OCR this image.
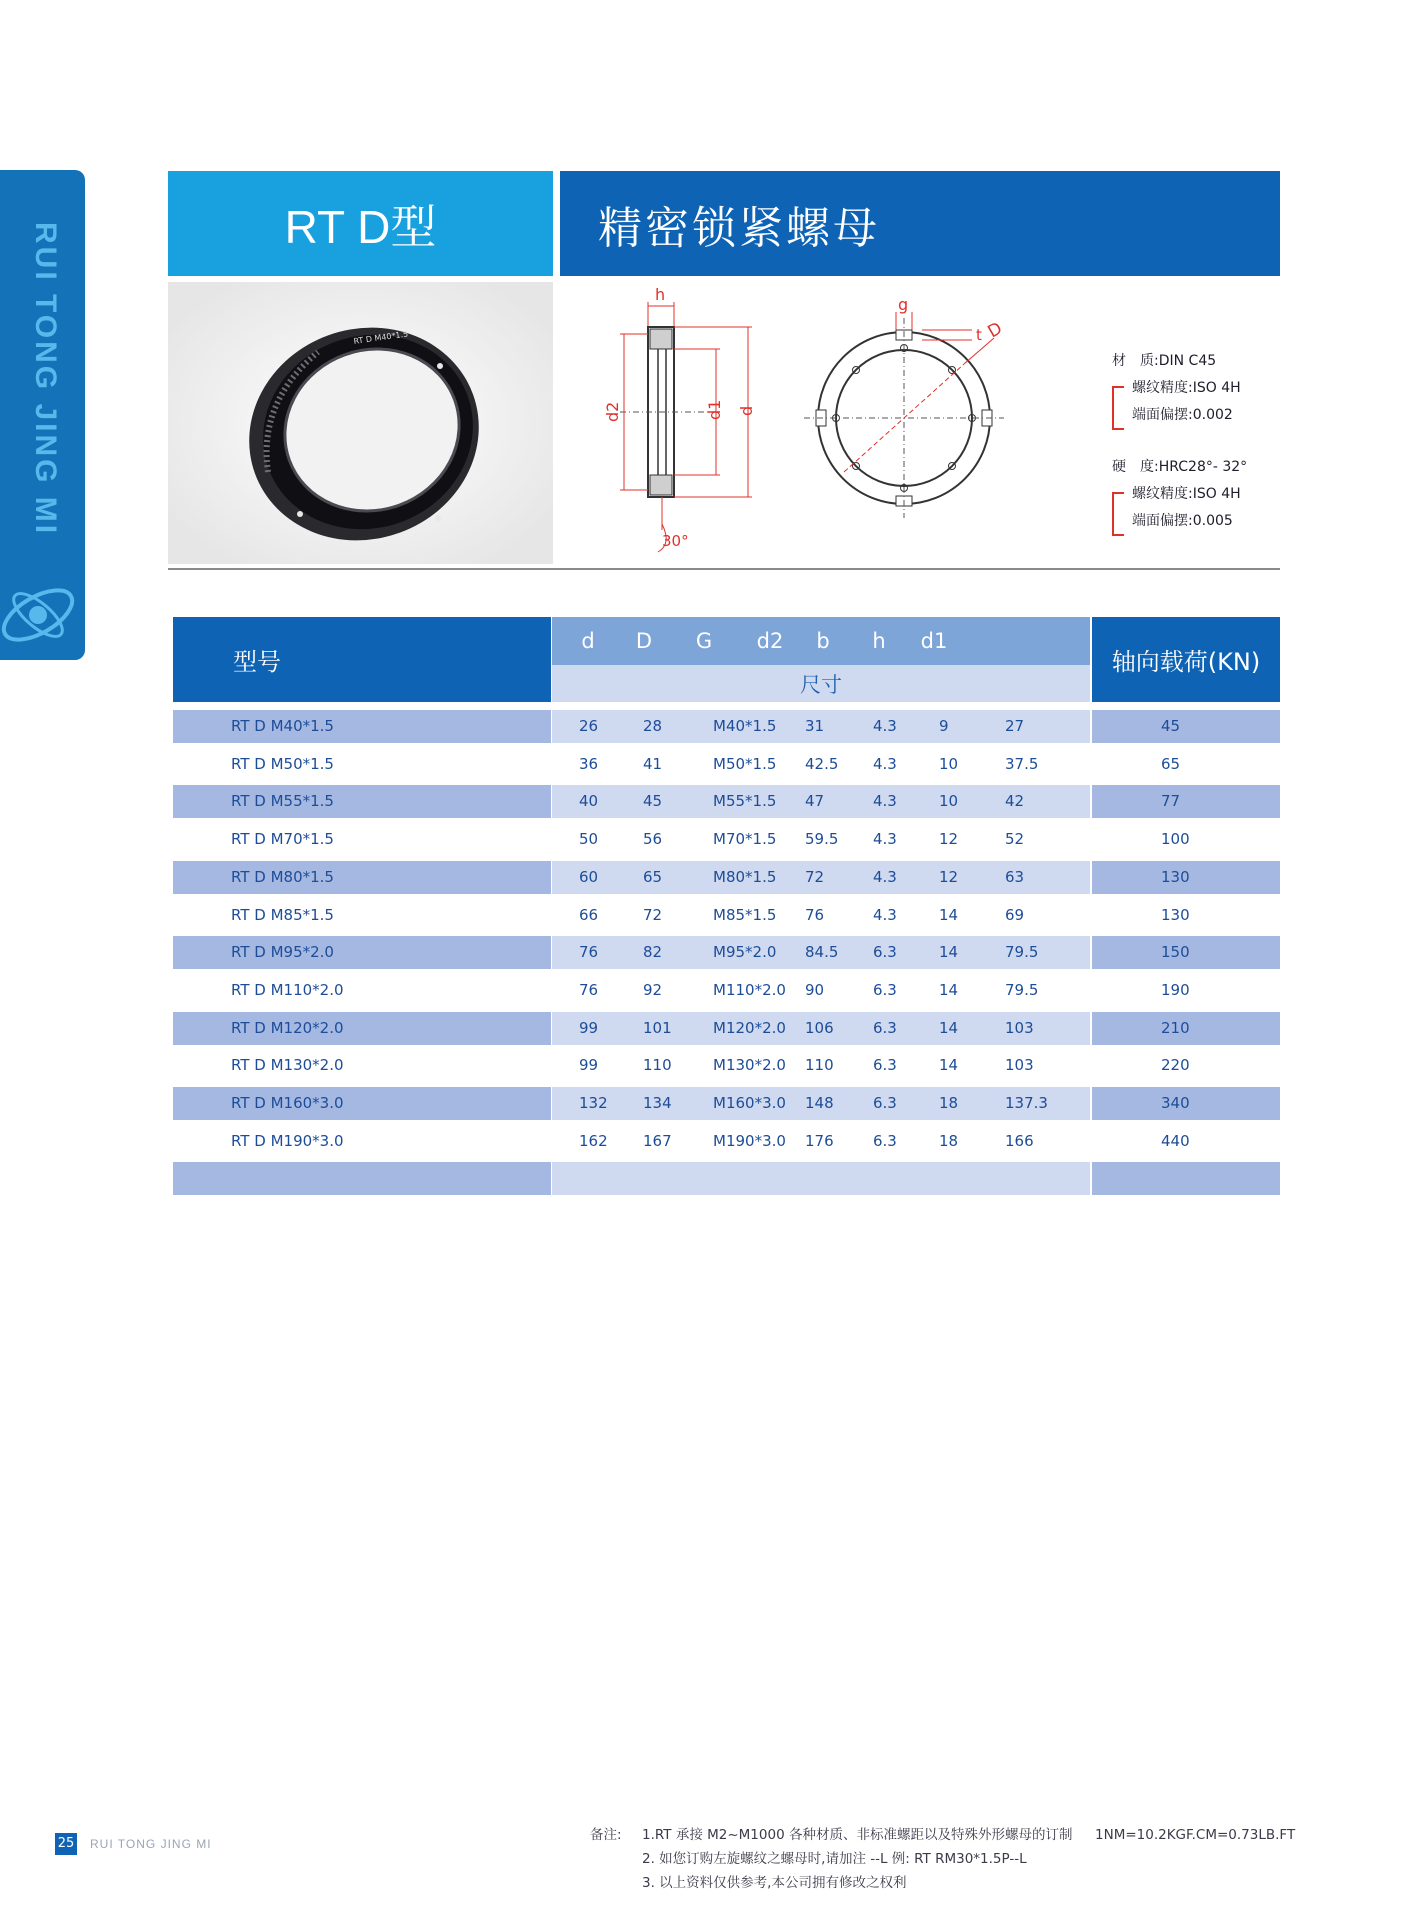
RUI TONG JING MI	RT D型	精密锁紧螺母
RT D M40*1.5
h
d2	d1 d
30°
D
g
t
材　质 : DIN C45
螺纹精度 : ISO 4H
端面偏摆 : 0.002
硬　度 : HRC28°- 32°
螺纹精度 : ISO 4H
端面偏摆 : 0.005
型号
d D G d2 b h d1
尺寸
轴向载荷(KN)
RT D M40*1.5	26	28	M40*1.5 31	4.3	9	27	45
RT D M50*1.5	36	41	M50*1.5 42.5 4.3	10	37.5	65
RT D M55*1.5	40	45	M55*1.5 47	4.3	10	42	77
RT D M70*1.5	50	56	M70*1.5 59.5 4.3	12	52	100
RT D M80*1.5	60	65	M80*1.5 72	4.3	12	63	130
RT D M85*1.5	66	72	M85*1.5 76	4.3	14	69	130
RT D M95*2.0	76	82	M95*2.0 84.5 6.3	14	79.5	150
RT D M110*2.0	76	92	M110*2.0 90	6.3	14	79.5	190
RT D M120*2.0	99	101	M120*2.0 106	6.3	14	103	210
RT D M130*2.0	99	110	M130*2.0 110	6.3	14	103	220
RT D M160*3.0	132 134	M160*3.0 148	6.3	18	137.3	340
RT D M190*3.0	162 167	M190*3.0 176	6.3	18	166	440
25 RUI TONG JING MI
备注:	1.RT 承接 M2~M1000 各种材质、非标准螺距以及特殊外形螺母的订制
2. 如您订购左旋螺纹之螺母时,请加注 --L 例: RT RM30*1.5P--L
3. 以上资料仅供参考,本公司拥有修改之权利
1NM=10.2KGF.CM=0.73LB.FT
